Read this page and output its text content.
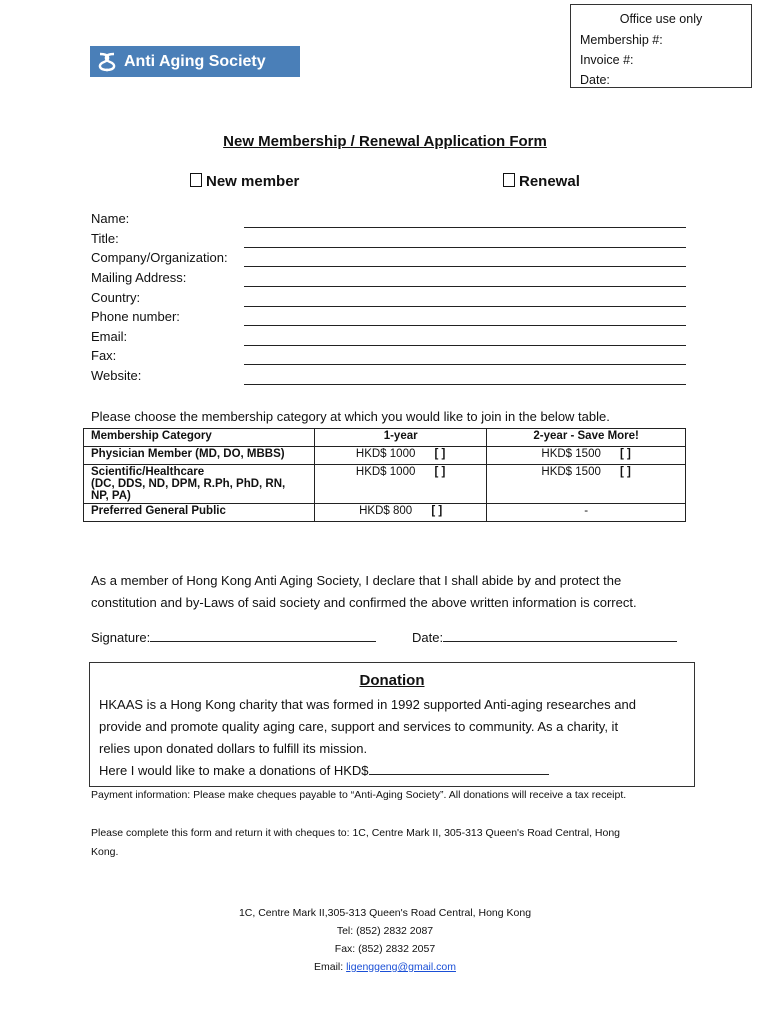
Office use only
Membership #:
Invoice #:
Date:
Anti Aging Society
New Membership / Renewal Application Form
New member	Renewal
Name:
Title:
Company/Organization:
Mailing Address:
Country:
Phone number:
Email:
Fax:
Website:
Please choose the membership category at which you would like to join in the below table.
Membership Category	1-year	2-year - Save More!
Physician Member (MD, DO, MBBS)	HKD$ 1000 [ ]	HKD$ 1500 [ ]

Scientific/Healthcare
(DC, DDS, ND, DPM, R.Ph, PhD, RN,
NP, PA)	HKD$ 1000 [ ]	HKD$ 1500 [ ]
Preferred General Public	HKD$ 800 [ ]	-
As a member of Hong Kong Anti Aging Society, I declare that I shall abide by and protect the
constitution and by-Laws of said society and confirmed the above written information is correct.
Signature:	Date:
Donation
HKAAS is a Hong Kong charity that was formed in 1992 supported Anti-aging researches and
provide and promote quality aging care, support and services to community. As a charity, it
relies upon donated dollars to fulfill its mission.
Here I would like to make a donations of HKD$
Payment information: Please make cheques payable to “Anti-Aging Society”. All donations will receive a tax receipt.
Please complete this form and return it with cheques to: 1C, Centre Mark II, 305-313 Queen's Road Central, Hong
Kong.
1C, Centre Mark II,305-313 Queen's Road Central, Hong Kong
Tel: (852) 2832 2087
Fax: (852) 2832 2057
Email: ligenggeng@gmail.com
